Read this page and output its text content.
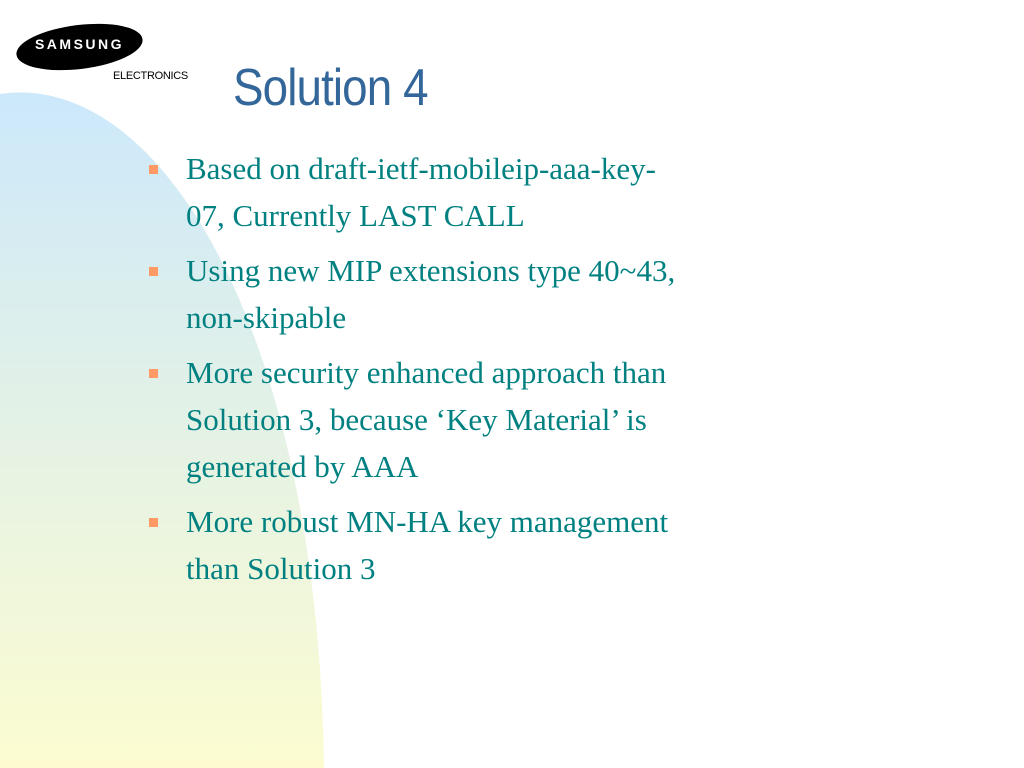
SAMSUNG
ELECTRONICS Solution 4
Based on draft-ietf-mobileip-aaa-key-
07, Currently LAST CALL
Using new MIP extensions type 40~43,
non-skipable
More security enhanced approach than
Solution 3, because ‘Key Material’ is
generated by AAA
More robust MN-HA key management
than Solution 3
